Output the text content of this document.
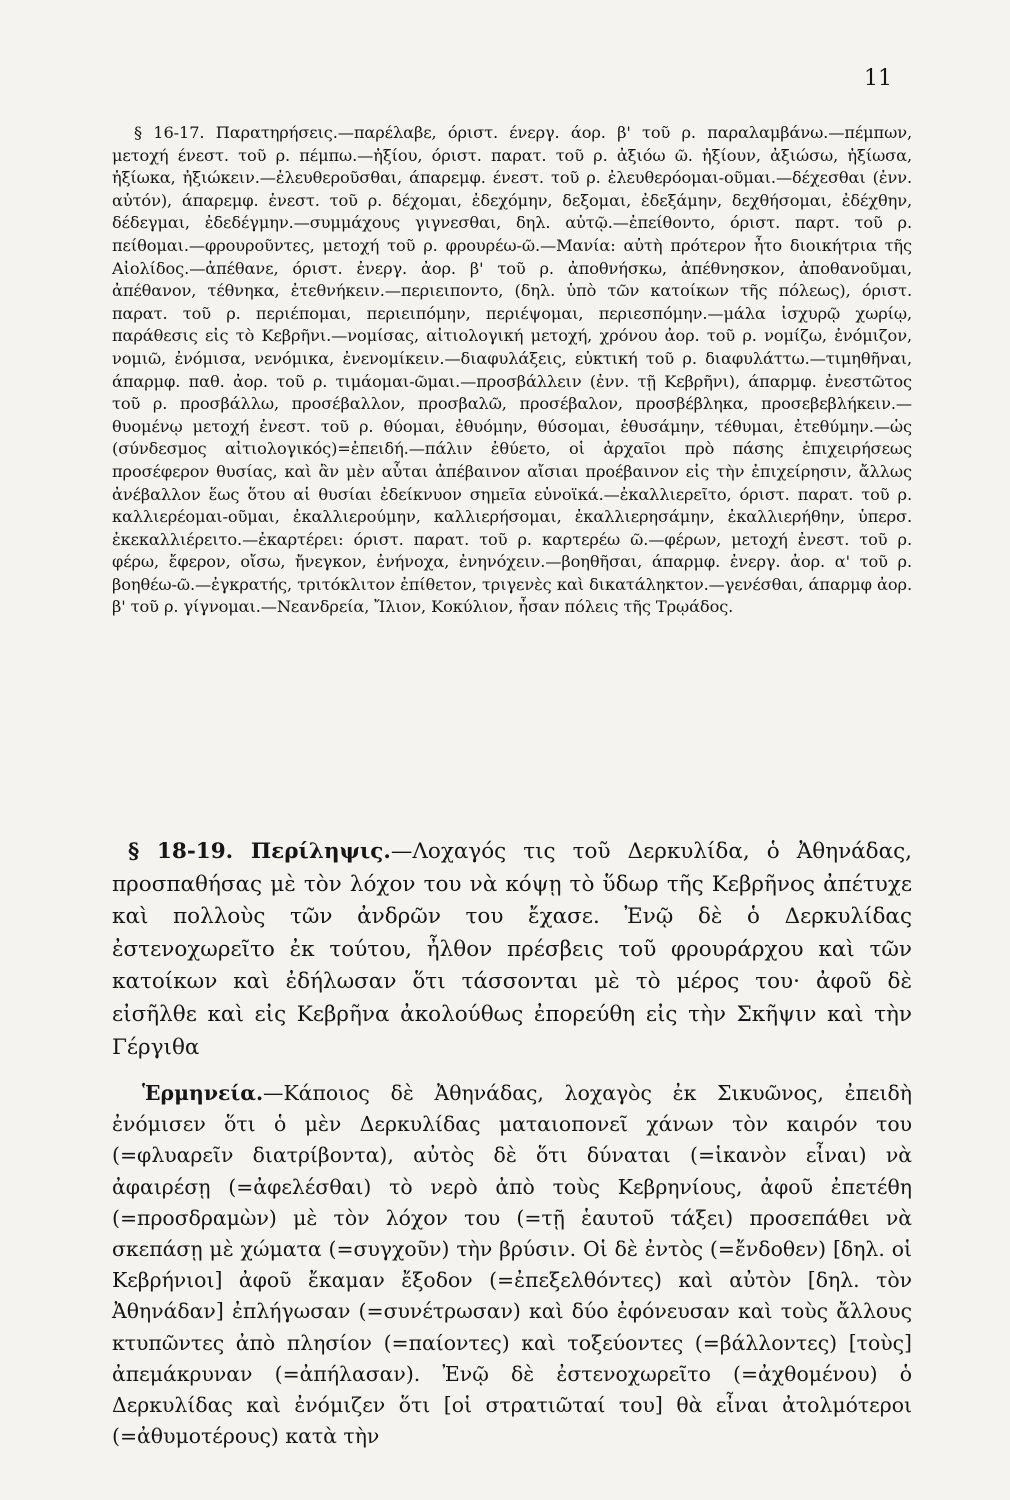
11

§ 16-17. Παρατηρήσεις.—παρέλαβε, όριστ. ένεργ. άορ. β' τοῦ ρ. παραλαμβάνω.—πέμπων, μετοχή ένεστ. τοῦ ρ. πέμπω.—ἠξίου, όριστ. παρατ. τοῦ ρ. ἀξιόω ῶ. ἠξίουν, ἀξιώσω, ἠξίωσα, ἠξίωκα, ἠξιώκειν.—ἐλευθεροῦσθαι, άπαρεμφ. ένεστ. τοῦ ρ. ἐλευθερόομαι-οῦμαι.—δέχεσθαι (ἐνν. αὐτόν), άπαρεμφ. ἐνεστ. τοῦ ρ. δέχομαι, ἐδεχόμην, δεξομαι, ἐδεξάμην, δεχθήσομαι, ἐδέχθην, δέδεγμαι, ἐδεδέγμην.—συμμάχους γιγνεσθαι, δηλ. αὐτῷ.—ἐπείθοντο, όριστ. παρτ. τοῦ ρ. πείθομαι.—φρουροῦντες, μετοχή τοῦ ρ. φρουρέω-ῶ.—Μανία: αὐτὴ πρότερον ἦτο διοικήτρια τῆς Αἰολίδος.—ἀπέθανε, όριστ. ἐνεργ. ἀορ. β' τοῦ ρ. ἀποθνήσκω, ἀπέθνησκον, ἀποθανοῦμαι, ἀπέθανον, τέθνηκα, ἐτεθνήκειν.—περιειποντο, (δηλ. ὑπὸ τῶν κατοίκων τῆς πόλεως), όριστ. παρατ. τοῦ ρ. περιέπομαι, περιειπόμην, περιέψομαι, περιεσπόμην.—μάλα ἰσχυρῷ χωρίῳ, παράθεσις εἰς τὸ Κεβρῆνι.—νομίσας, αἰτιολογική μετοχή, χρόνου ἀορ. τοῦ ρ. νομίζω, ἐνόμιζον, νομιῶ, ἐνόμισα, νενόμικα, ἐνενομίκειν.—διαφυλάξεις, εὐκτική τοῦ ρ. διαφυλάττω.—τιμηθῆναι, άπαρμφ. παθ. ἀορ. τοῦ ρ. τιμάομαι-ῶμαι.—προσβάλλειν (ἐνν. τῇ Κεβρῆνι), άπαρμφ. ἐνεστῶτος τοῦ ρ. προσβάλλω, προσέβαλλον, προσβαλῶ, προσέβαλον, προσβέβληκα, προσεβεβλήκειν.—θυομένῳ μετοχή ἐνεστ. τοῦ ρ. θύομαι, ἐθυόμην, θύσομαι, ἐθυσάμην, τέθυμαι, ἐτεθύμην.—ὡς (σύνδεσμος αἰτιολογικός)=ἐπειδή.—πάλιν ἐθύετο, οἱ ἀρχαῖοι πρὸ πάσης ἐπιχειρήσεως προσέφερον θυσίας, καὶ ἂν μὲν αὗται ἀπέβαινον αἴσιαι προέβαινον εἰς τὴν ἐπιχείρησιν, ἄλλως ἀνέβαλλον ἕως ὅτου αἱ θυσίαι ἐδείκνυον σημεῖα εὐνοϊκά.—ἐκαλλιερεῖτο, όριστ. παρατ. τοῦ ρ. καλλιερέομαι-οῦμαι, ἐκαλλιερούμην, καλλιερήσομαι, ἐκαλλιερησάμην, ἐκαλλιερήθην, ὑπερσ. ἐκεκαλλιέρειτο.—ἐκαρτέρει: όριστ. παρατ. τοῦ ρ. καρτερέω ῶ.—φέρων, μετοχή ἐνεστ. τοῦ ρ. φέρω, ἔφερον, οἴσω, ἤνεγκον, ἐνήνοχα, ἐνηνόχειν.—βοηθῆσαι, άπαρμφ. ἐνεργ. ἀορ. α' τοῦ ρ. βοηθέω-ῶ.—ἐγκρατής, τριτόκλιτον ἐπίθετον, τριγενὲς καὶ δικατάληκτον.—γενέσθαι, άπαρμφ ἀορ. β' τοῦ ρ. γίγνομαι.—Νεανδρεία, Ἴλιον, Κοκύλιον, ἦσαν πόλεις τῆς Τρῳάδος.

§ 18-19. Περίληψις.—Λοχαγός τις τοῦ Δερκυλίδα, ὁ Ἀθηνάδας, προσπαθήσας μὲ τὸν λόχον του νὰ κόψῃ τὸ ὕδωρ τῆς Κεβρῆνος ἀπέτυχε καὶ πολλοὺς τῶν ἀνδρῶν του ἔχασε. Ἐνῷ δὲ ὁ Δερκυλίδας ἐστενοχωρεῖτο ἐκ τούτου, ἦλθον πρέσβεις τοῦ φρουράρχου καὶ τῶν κατοίκων καὶ ἐδήλωσαν ὅτι τάσσονται μὲ τὸ μέρος του· ἀφοῦ δὲ εἰσῆλθε καὶ εἰς Κεβρῆνα ἀκολούθως ἐπορεύθη εἰς τὴν Σκῆψιν καὶ τὴν Γέργιθα

Ἑρμηνεία.—Κάποιος δὲ Ἀθηνάδας, λοχαγὸς ἐκ Σικυῶνος, ἐπειδὴ ἐνόμισεν ὅτι ὁ μὲν Δερκυλίδας ματαιοπονεῖ χάνων τὸν καιρόν του (=φλυαρεῖν διατρίβοντα), αὐτὸς δὲ ὅτι δύναται (=ἱκανὸν εἶναι) νὰ ἀφαιρέσῃ (=ἀφελέσθαι) τὸ νερὸ ἀπὸ τοὺς Κεβρηνίους, ἀφοῦ ἐπετέθη (=προσδραμὼν) μὲ τὸν λόχον του (=τῇ ἑαυτοῦ τάξει) προσεπάθει νὰ σκεπάσῃ μὲ χώματα (=συγχοῦν) τὴν βρύσιν. Οἱ δὲ ἐντὸς (=ἔνδοθεν) [δηλ. οἱ Κεβρήνιοι] ἀφοῦ ἔκαμαν ἔξοδον (=ἐπεξελθόντες) καὶ αὐτὸν [δηλ. τὸν Ἀθηνάδαν] ἐπλήγωσαν (=συνέτρωσαν) καὶ δύο ἐφόνευσαν καὶ τοὺς ἄλλους κτυπῶντες ἀπὸ πλησίον (=παίοντες) καὶ τοξεύοντες (=βάλλοντες) [τοὺς] ἀπεμάκρυναν (=ἀπήλασαν). Ἐνῷ δὲ ἐστενοχωρεῖτο (=ἀχθομένου) ὁ Δερκυλίδας καὶ ἐνόμιζεν ὅτι [οἱ στρατιῶταί του] θὰ εἶναι ἀτολμότεροι (=ἀθυμοτέρους) κατὰ τὴν
